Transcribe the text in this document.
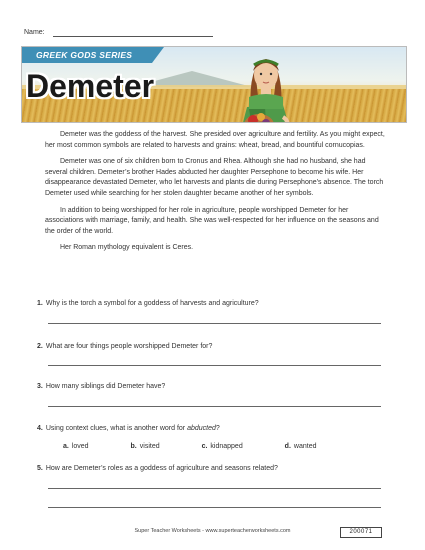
Name:
GREEK GODS SERIES
Demeter

Demeter was the goddess of the harvest. She presided over agriculture and fertility. As you might expect, her most common symbols are related to harvests and grains: wheat, bread, and bountiful cornucopias.

Demeter was one of six children born to Cronus and Rhea. Although she had no husband, she had several children. Demeter’s brother Hades abducted her daughter Persephone to become his wife. Her disappearance devastated Demeter, who let harvests and plants die during Persephone’s absence. The torch Demeter used while searching for her stolen daughter became another of her symbols.

In addition to being worshipped for her role in agriculture, people worshipped Demeter for her associations with marriage, family, and health. She was well-respected for her influence on the seasons and the order of the world.

Her Roman mythology equivalent is Ceres.

1. Why is the torch a symbol for a goddess of harvests and agriculture?
2. What are four things people worshipped Demeter for?
3. How many siblings did Demeter have?
4. Using context clues, what is another word for abducted?
a. loved	b. visited	c. kidnapped	d. wanted
5. How are Demeter’s roles as a goddess of agriculture and seasons related?
Super Teacher Worksheets - www.superteacherworksheets.com	200071
